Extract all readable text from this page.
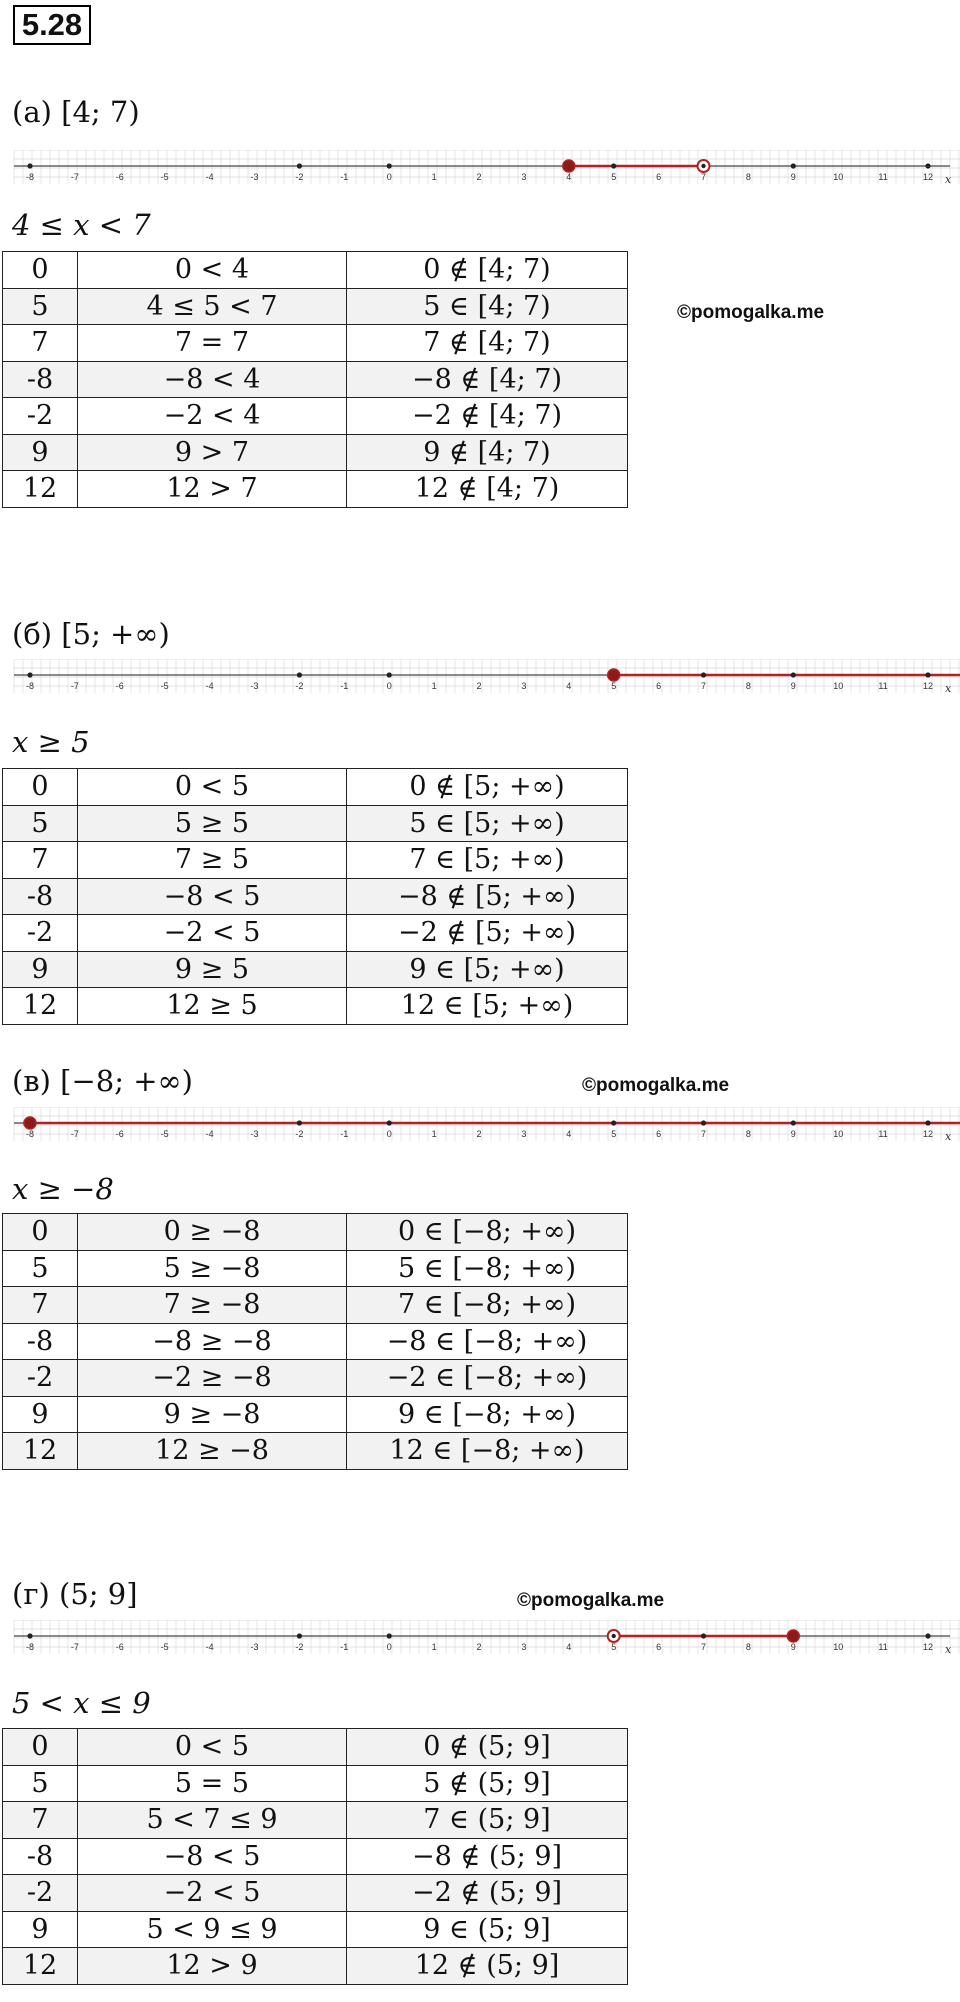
5.28
(а) [4; 7)
-8	-7	-6	-5	-4	-3	-2	-1	0	1	2	3	4	5	6	7	8	9	10	11	12 x
4 ≤ 𝑥 < 7
0	0 < 4	0 ∉ [4; 7)
5	4 ≤ 5 < 7	5 ∈ [4; 7)
7	7 = 7	7 ∉ [4; 7)
-8	−8 < 4	−8 ∉ [4; 7)
-2	−2 < 4	−2 ∉ [4; 7)
9	9 > 7	9 ∉ [4; 7)
12	12 > 7	12 ∉ [4; 7)
©pomogalka.me
(б) [5; +∞)
-8	-7	-6	-5	-4	-3	-2	-1	0	1	2	3	4	5	6	7	8	9	10	11	12 x
𝑥 ≥ 5
0	0 < 5	0 ∉ [5; +∞)
5	5 ≥ 5	5 ∈ [5; +∞)
7	7 ≥ 5	7 ∈ [5; +∞)
-8	−8 < 5	−8 ∉ [5; +∞)
-2	−2 < 5	−2 ∉ [5; +∞)
9	9 ≥ 5	9 ∈ [5; +∞)
12	12 ≥ 5	12 ∈ [5; +∞)
(в) [−8; +∞)	©pomogalka.me
-8	-7	-6	-5	-4	-3	-2	-1	0	1	2	3	4	5	6	7	8	9	10	11	12 x
𝑥 ≥ −8
0	0 ≥ −8	0 ∈ [−8; +∞)
5	5 ≥ −8	5 ∈ [−8; +∞)
7	7 ≥ −8	7 ∈ [−8; +∞)
-8	−8 ≥ −8	−8 ∈ [−8; +∞)
-2	−2 ≥ −8	−2 ∈ [−8; +∞)
9	9 ≥ −8	9 ∈ [−8; +∞)
12	12 ≥ −8	12 ∈ [−8; +∞)
(г) (5; 9]	©pomogalka.me
-8	-7	-6	-5	-4	-3	-2	-1	0	1	2	3	4	5	6	7	8	9	10	11	12 x
5 < 𝑥 ≤ 9
0	0 < 5	0 ∉ (5; 9]
5	5 = 5	5 ∉ (5; 9]
7	5 < 7 ≤ 9	7 ∈ (5; 9]
-8	−8 < 5	−8 ∉ (5; 9]
-2	−2 < 5	−2 ∉ (5; 9]
9	5 < 9 ≤ 9	9 ∈ (5; 9]
12	12 > 9	12 ∉ (5; 9]
